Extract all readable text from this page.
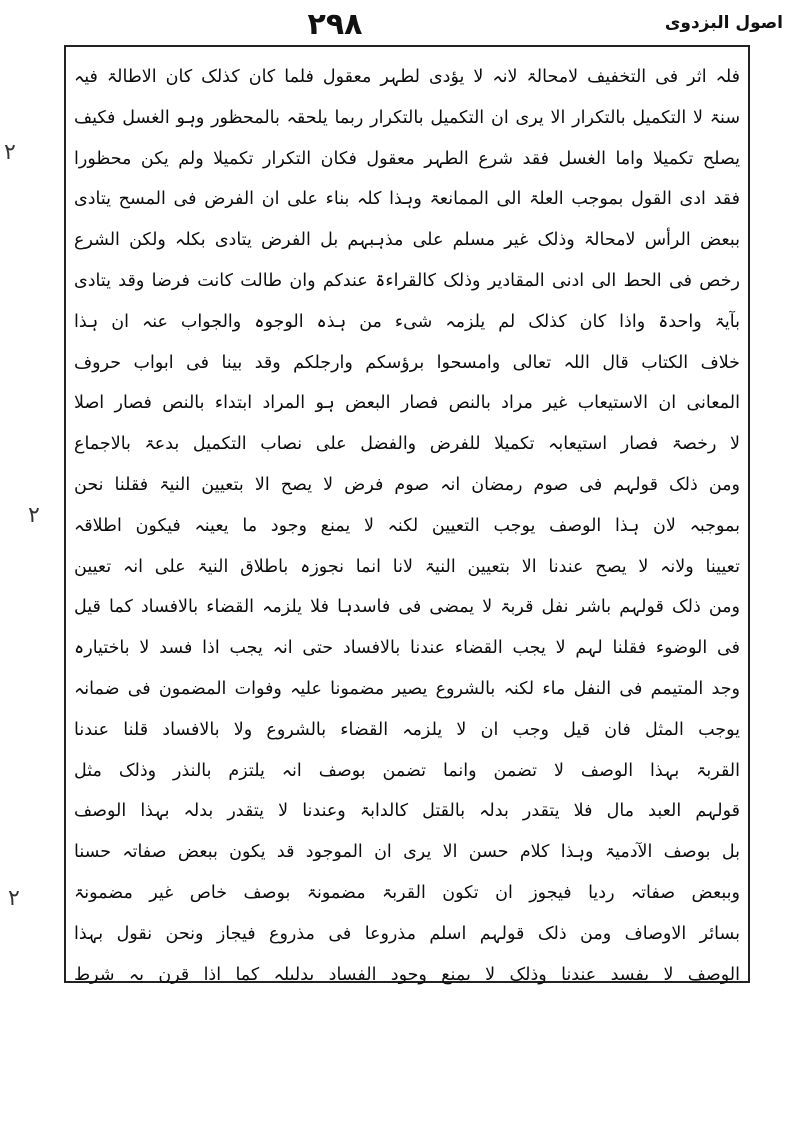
٢٩٨	اصول البزدوی
٢
٢
٢
فلہ اثر فی التخفیف لامحالۃ لانہ لا یؤدی لطہر معقول فلما کان کذلک کان الاطالۃ فیہ
سنۃ لا التکمیل بالتکرار الا یری ان التکمیل بالتکرار ربما یلحقہ بالمحظور وہو الغسل فکیف
یصلح تکمیلا واما الغسل فقد شرع الطہر معقول فکان التکرار تکمیلا ولم یکن محظورا
فقد ادی القول بموجب العلۃ الی الممانعۃ وہذا کلہ بناء علی ان الفرض فی المسح یتادی
ببعض الرأس لامحالۃ وذلک غیر مسلم علی مذہبہم بل الفرض یتادی بکلہ ولکن الشرع
رخص فی الحط الی ادنی المقادیر وذلک کالقراءۃ عندکم وان طالت کانت فرضا وقد یتادی
بآیۃ واحدۃ واذا کان کذلک لم یلزمہ شیء من ہذہ الوجوہ والجواب عنہ ان ہذا
خلاف الکتاب قال اللہ تعالی وامسحوا برؤسکم وارجلکم وقد بینا فی ابواب حروف
المعانی ان الاستیعاب غیر مراد بالنص فصار البعض ہو المراد ابتداء بالنص فصار اصلا
لا رخصۃ فصار استیعابہ تکمیلا للفرض والفضل علی نصاب التکمیل بدعۃ بالاجماع
ومن ذلک قولہم فی صوم رمضان انہ صوم فرض لا یصح الا بتعیین النیۃ فقلنا نحن
بموجبہ لان ہذا الوصف یوجب التعیین لکنہ لا یمنع وجود ما یعینہ فیکون اطلاقہ
تعیینا ولانہ لا یصح عندنا الا بتعیین النیۃ لانا انما نجوزہ باطلاق النیۃ علی انہ تعیین
ومن ذلک قولہم باشر نفل قربۃ لا یمضی فی فاسدہا فلا یلزمہ القضاء بالافساد کما قیل
فی الوضوء فقلنا لہم لا یجب القضاء عندنا بالافساد حتی انہ یجب اذا فسد لا باختیارہ
وجد المتیمم فی النفل ماء لکنہ بالشروع یصیر مضمونا علیہ وفوات المضمون فی ضمانہ
یوجب المثل فان قیل وجب ان لا یلزمہ القضاء بالشروع ولا بالافساد قلنا عندنا
القربۃ بہذا الوصف لا تضمن وانما تضمن بوصف انہ یلتزم بالنذر وذلک مثل
قولہم العبد مال فلا یتقدر بدلہ بالقتل کالدابۃ وعندنا لا یتقدر بدلہ بہذا الوصف
بل بوصف الآدمیۃ وہذا کلام حسن الا یری ان الموجود قد یکون ببعض صفاتہ حسنا
وببعض صفاتہ ردیا فیجوز ان تکون القربۃ مضمونۃ بوصف خاص غیر مضمونۃ
بسائر الاوصاف ومن ذلک قولہم اسلم مذروعا فی مذروع فیجاز ونحن نقول بہذا
الوصف لا یفسد عندنا وذلک لا یمنع وجود الفساد بدلیلہ کما اذا قرن بہ شرط
